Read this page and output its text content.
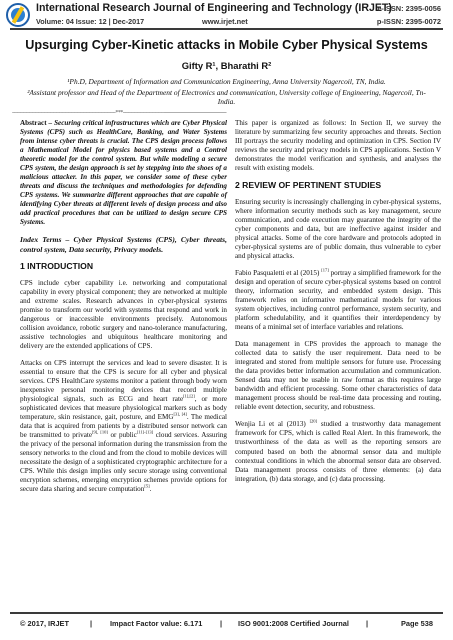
International Research Journal of Engineering and Technology (IRJET)
Volume: 04 Issue: 12 | Dec-2017	www.irjet.net
e-ISSN: 2395-0056
p-ISSN: 2395-0072
Upsurging Cyber-Kinetic attacks in Mobile Cyber Physical Systems
Gifty R¹, Bharathi R²
¹Ph.D, Department of Information and Communication Engineering, Anna University Nagercoil, TN, India.
²Assistant professor and Head of the Department of Electronics and communication, University college of Engineering, Nagercoil, Tn-India.
---------------------------------------------------------------------***---------------------------------------------------------------------

Abstract – Securing critical infrastructures which are Cyber Physical Systems (CPS) such as HealthCare, Banking, and Water Systems from intense cyber threats is crucial. The CPS design process follows a Mathematical Model for physics based systems and a Control theoretic model for the control system. But while modeling a secure CPS system, the design approach is set by stepping into the shoes of a malicious attacker. In this paper, we consider some of these cyber threats and discuss the techniques and methodologies for defending CPS systems. We summarize different approaches that are capable of identifying Cyber threats at different levels of design process and also add practical procedures that can be utilized to design secure CPS Systems.

Index Terms – Cyber Physical Systems (CPS), Cyber threats, control system, Data security, Privacy models.

1 INTRODUCTION

CPS include cyber capability i.e. networking and computational capability in every physical component; they are networked at multiple and extreme scales. Research advances in cyber-physical systems promise to transform our world with systems that respond and work in dangerous or inaccessible environments precisely. Autonomous collision avoidance, robotic surgery and nano-tolerance manufacturing, assistive technologies and ubiquitous healthcare monitoring and delivery are the extended applications of CPS.

Attacks on CPS interrupt the services and lead to severe disaster. It is essential to ensure that the CPS is secure for all cyber and physical services. CPS HealthCare systems monitor a patient through body worn inexpensive personal monitoring devices that record multiple physiological signals, such as ECG and heart rate[1],[2], or more sophisticated devices that measure physiological markers such as body temperature, skin resistance, gait, posture, and EMG[3], [4]. The medical data that is acquired from patients by a distributed sensor network can be transmitted to private[9], [10] or public[11]-[13] cloud services. Assuring the privacy of the personal information during the transmission from the sensory networks to the cloud and from the cloud to mobile devices will necessitate the design of a sophisticated cryptographic architecture for a CPS. While this design implies only secure storage using conventional encryption schemes, emerging encryption schemes provide options for secure data sharing and secure computation[5].

This paper is organized as follows: In Section II, we survey the literature by summarizing few security approaches and threats. Section III portrays the security modeling and optimization in CPS. Section IV reviews the security and privacy models in CPS applications. Section V demonstrates the model verification and synthesis, and analyses the result with existing models.

2 REVIEW OF PERTINENT STUDIES

Ensuring security is increasingly challenging in cyber-physical systems, where information security methods such as key management, secure communication, and code execution may guarantee the integrity of the cyber components and data, but are ineffective against insider and physical attacks. Some of the core hardware and protocols adopted in cyber-physical systems are of public domain, thus vulnerable to cyber and physical attacks.

Fabio Pasqualetti et al (2015) [17] portray a simplified framework for the design and operation of secure cyber-physical systems based on control theory, information security, and embedded system design. This framework relies on informative mathematical models for various system objectives, including control performance, system security, and platform schedulability, and it quantifies their interdependency by means of a minimal set of interface variables and relations.

Data management in CPS provides the approach to manage the collected data to satisfy the user requirement. Data need to be integrated and stored from multiple sensors for future use. Processing the data provides better information accumulation and communication. Sensed data may not be usable in raw format as this requires large bandwidth and efficient processing. Some other characteristics of data management process should be real-time data processing and routing, reliable event detection, security, and robustness.

Wenjia Li et al (2013) [20] studied a trustworthy data management framework for CPS, which is called Real Alert. In this framework, the trustworthiness of the data as well as the reporting sensors are computed based on both the abnormal sensor data and multiple contextual conditions in which the abnormal sensor data are observed. Data management process consists of three elements: (a) data integration, (b) data storage, and (c) data processing.

© 2017, IRJET	| Impact Factor value: 6.171 | ISO 9001:2008 Certified Journal |	Page 538
